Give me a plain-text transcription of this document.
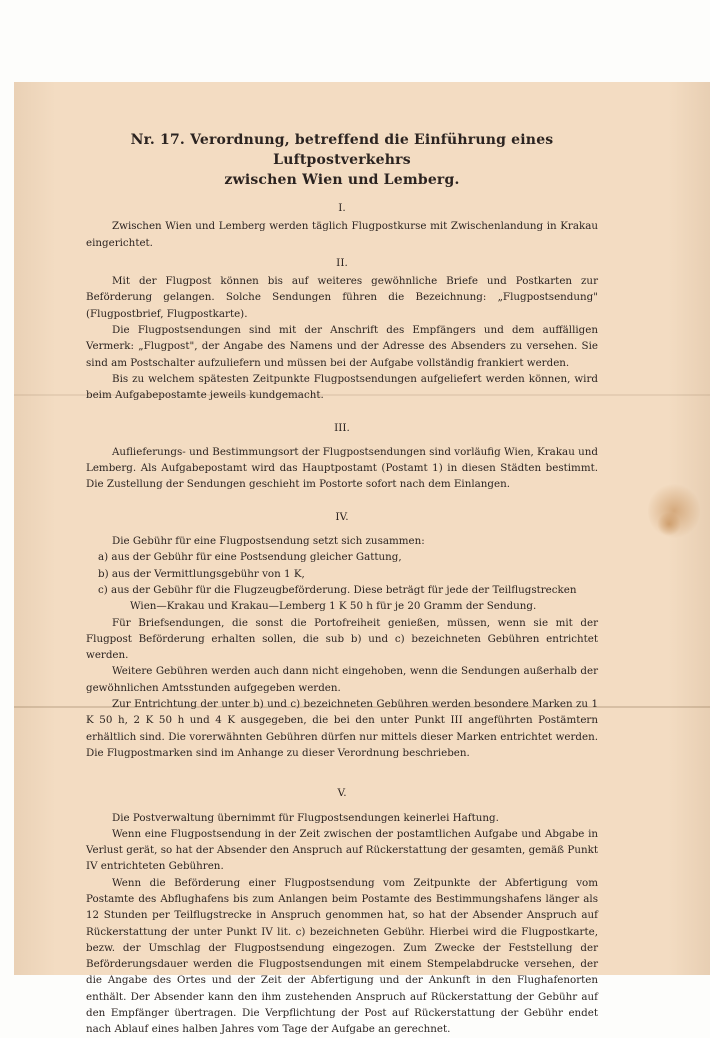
Nr. 17. Verordnung, betreffend die Einführung eines Luftpostverkehrs
zwischen Wien und Lemberg.
I.

Zwischen Wien und Lemberg werden täglich Flugpostkurse mit Zwischenlandung in Krakau eingerichtet.

II.

Mit der Flugpost können bis auf weiteres gewöhnliche Briefe und Postkarten zur Beförderung gelangen. Solche Sendungen führen die Bezeichnung: „Flugpostsendung" (Flugpostbrief, Flugpostkarte).

Die Flugpostsendungen sind mit der Anschrift des Empfängers und dem auffälligen Vermerk: „Flugpost", der Angabe des Namens und der Adresse des Absenders zu versehen. Sie sind am Postschalter aufzuliefern und müssen bei der Aufgabe vollständig frankiert werden.

Bis zu welchem spätesten Zeitpunkte Flugpostsendungen aufgeliefert werden können, wird beim Aufgabepostamte jeweils kundgemacht.

III.

Auflieferungs- und Bestimmungsort der Flugpostsendungen sind vorläufig Wien, Krakau und Lemberg. Als Aufgabepostamt wird das Hauptpostamt (Postamt 1) in diesen Städten bestimmt. Die Zustellung der Sendungen geschieht im Postorte sofort nach dem Einlangen.

IV.

Die Gebühr für eine Flugpostsendung setzt sich zusammen:

a) aus der Gebühr für eine Postsendung gleicher Gattung,
b) aus der Vermittlungsgebühr von 1 K,
c) aus der Gebühr für die Flugzeugbeförderung. Diese beträgt für jede der Teilflugstrecken
Wien—Krakau und Krakau—Lemberg 1 K 50 h für je 20 Gramm der Sendung.

Für Briefsendungen, die sonst die Portofreiheit genießen, müssen, wenn sie mit der Flugpost Beförderung erhalten sollen, die sub b) und c) bezeichneten Gebühren entrichtet werden.

Weitere Gebühren werden auch dann nicht eingehoben, wenn die Sendungen außerhalb der gewöhnlichen Amtsstunden aufgegeben werden.

Zur Entrichtung der unter b) und c) bezeichneten Gebühren werden besondere Marken zu 1 K 50 h, 2 K 50 h und 4 K ausgegeben, die bei den unter Punkt III angeführten Postämtern erhältlich sind. Die vorerwähnten Gebühren dürfen nur mittels dieser Marken entrichtet werden. Die Flugpostmarken sind im Anhange zu dieser Verordnung beschrieben.

V.

Die Postverwaltung übernimmt für Flugpostsendungen keinerlei Haftung.

Wenn eine Flugpostsendung in der Zeit zwischen der postamtlichen Aufgabe und Abgabe in Verlust gerät, so hat der Absender den Anspruch auf Rückerstattung der gesamten, gemäß Punkt IV entrichteten Gebühren.

Wenn die Beförderung einer Flugpostsendung vom Zeitpunkte der Abfertigung vom Postamte des Abflughafens bis zum Anlangen beim Postamte des Bestimmungshafens länger als 12 Stunden per Teilflugstrecke in Anspruch genommen hat, so hat der Absender Anspruch auf Rückerstattung der unter Punkt IV lit. c) bezeichneten Gebühr. Hierbei wird die Flugpostkarte, bezw. der Umschlag der Flugpostsendung eingezogen. Zum Zwecke der Feststellung der Beförderungsdauer werden die Flugpostsendungen mit einem Stempelabdrucke versehen, der die Angabe des Ortes und der Zeit der Abfertigung und der Ankunft in den Flughafenorten enthält. Der Absender kann den ihm zustehenden Anspruch auf Rückerstattung der Gebühr auf den Empfänger übertragen. Die Verpflichtung der Post auf Rückerstattung der Gebühr endet nach Ablauf eines halben Jahres vom Tage der Aufgabe an gerechnet.
